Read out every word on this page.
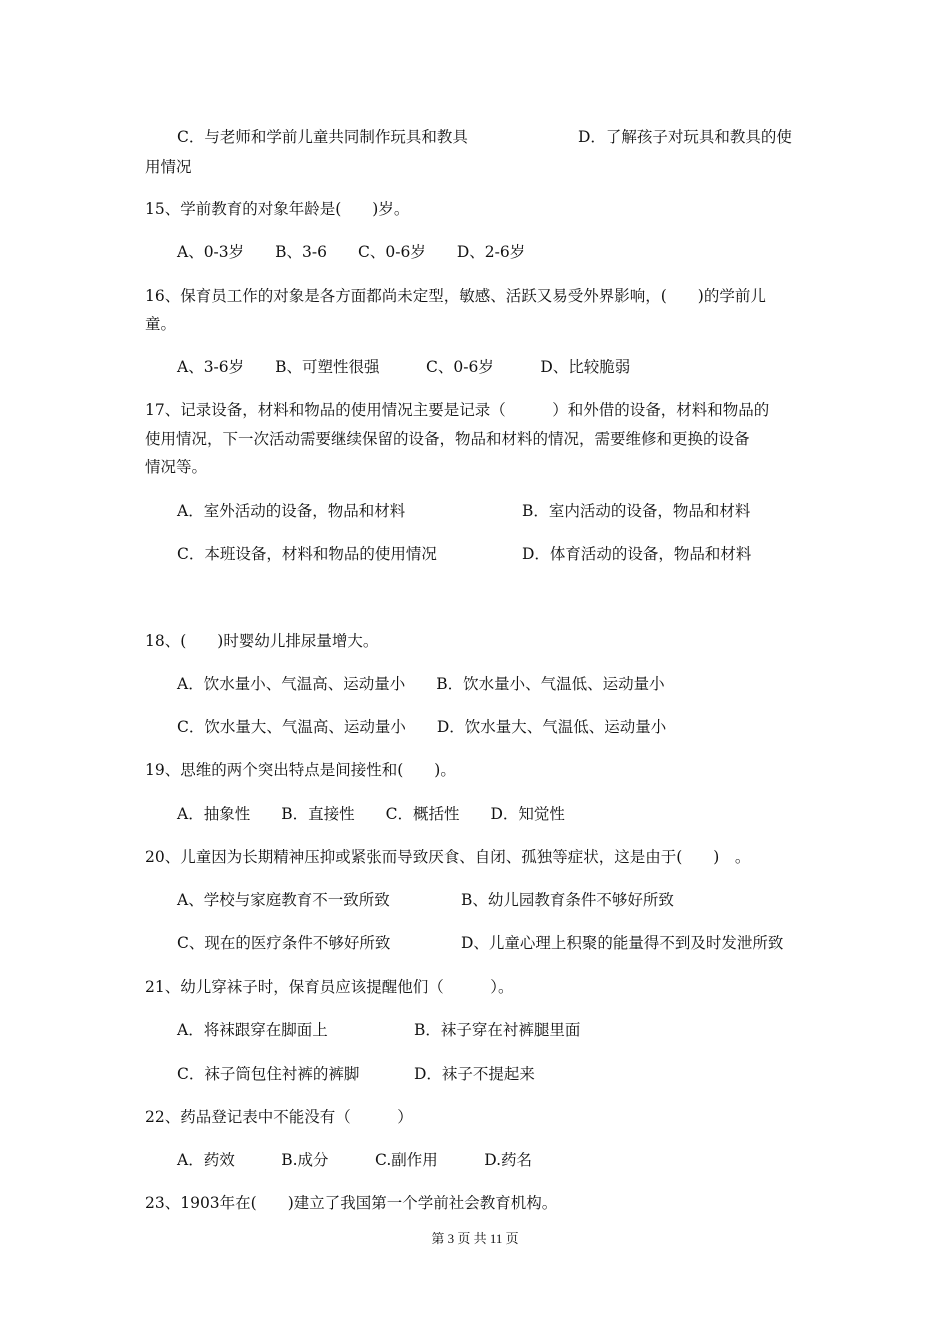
C．与老师和学前儿童共同制作玩具和教具	D．了解孩子对玩具和教具的使
用情况
15、学前教育的对象年龄是(　　)岁。
A、0-3岁　　B、3-6　　C、0-6岁　　D、2-6岁
16、保育员工作的对象是各方面都尚未定型，敏感、活跃又易受外界影响，(　　)的学前儿
童。
A、3-6岁　　B、可塑性很强　　　C、0-6岁　　　D、比较脆弱
17、记录设备，材料和物品的使用情况主要是记录（　　　）和外借的设备，材料和物品的
使用情况，下一次活动需要继续保留的设备，物品和材料的情况，需要维修和更换的设备
情况等。
A．室外活动的设备，物品和材料	B．室内活动的设备，物品和材料
C．本班设备，材料和物品的使用情况	D．体育活动的设备，物品和材料
18、(　　)时婴幼儿排尿量增大。
A．饮水量小、气温高、运动量小　　B．饮水量小、气温低、运动量小
C．饮水量大、气温高、运动量小　　D．饮水量大、气温低、运动量小
19、思维的两个突出特点是间接性和(　　)。
A．抽象性　　B．直接性　　C．概括性　　D．知觉性
20、儿童因为长期精神压抑或紧张而导致厌食、自闭、孤独等症状，这是由于(　　)　。
A、学校与家庭教育不一致所致	B、幼儿园教育条件不够好所致
C、现在的医疗条件不够好所致	D、儿童心理上积聚的能量得不到及时发泄所致
21、幼儿穿袜子时，保育员应该提醒他们（　　　）。
A．将袜跟穿在脚面上	B．袜子穿在衬裤腿里面
C．袜子筒包住衬裤的裤脚	D．袜子不提起来
22、药品登记表中不能没有（　　　）
A．药效　　　B.成分　　　C.副作用　　　D.药名
23、1903年在(　　)建立了我国第一个学前社会教育机构。
第 3 页 共 11 页
